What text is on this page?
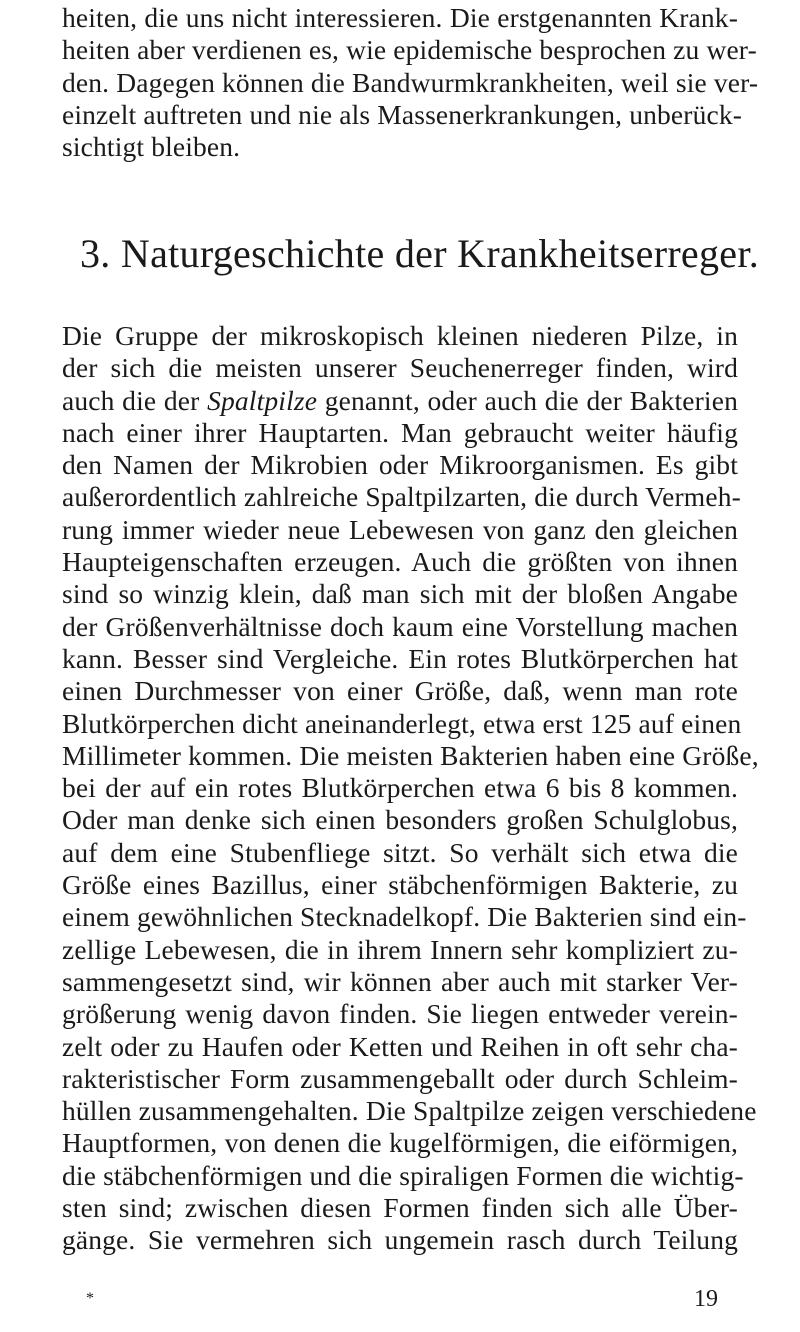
heiten, die uns nicht interessieren. Die erstgenannten Krank-
heiten aber verdienen es, wie epidemische besprochen zu wer-
den. Dagegen können die Bandwurmkrankheiten, weil sie ver-
einzelt auftreten und nie als Massenerkrankungen, unberück-
sichtigt bleiben.

3. Naturgeschichte der Krankheitserreger.

Die Gruppe der mikroskopisch kleinen niederen Pilze, in
der sich die meisten unserer Seuchenerreger finden, wird
auch die der Spaltpilze genannt, oder auch die der Bakterien
nach einer ihrer Hauptarten. Man gebraucht weiter häufig
den Namen der Mikrobien oder Mikroorganismen. Es gibt
außerordentlich zahlreiche Spaltpilzarten, die durch Vermeh-
rung immer wieder neue Lebewesen von ganz den gleichen
Haupteigenschaften erzeugen. Auch die größten von ihnen
sind so winzig klein, daß man sich mit der bloßen Angabe
der Größenverhältnisse doch kaum eine Vorstellung machen
kann. Besser sind Vergleiche. Ein rotes Blutkörperchen hat
einen Durchmesser von einer Größe, daß, wenn man rote
Blutkörperchen dicht aneinanderlegt, etwa erst 125 auf einen
Millimeter kommen. Die meisten Bakterien haben eine Größe,
bei der auf ein rotes Blutkörperchen etwa 6 bis 8 kommen.
Oder man denke sich einen besonders großen Schulglobus,
auf dem eine Stubenfliege sitzt. So verhält sich etwa die
Größe eines Bazillus, einer stäbchenförmigen Bakterie, zu
einem gewöhnlichen Stecknadelkopf. Die Bakterien sind ein-
zellige Lebewesen, die in ihrem Innern sehr kompliziert zu-
sammengesetzt sind, wir können aber auch mit starker Ver-
größerung wenig davon finden. Sie liegen entweder verein-
zelt oder zu Haufen oder Ketten und Reihen in oft sehr cha-
rakteristischer Form zusammengeballt oder durch Schleim-
hüllen zusammengehalten. Die Spaltpilze zeigen verschiedene
Hauptformen, von denen die kugelförmigen, die eiförmigen,
die stäbchenförmigen und die spiraligen Formen die wichtig-
sten sind; zwischen diesen Formen finden sich alle Über-
gänge. Sie vermehren sich ungemein rasch durch Teilung

*	19
